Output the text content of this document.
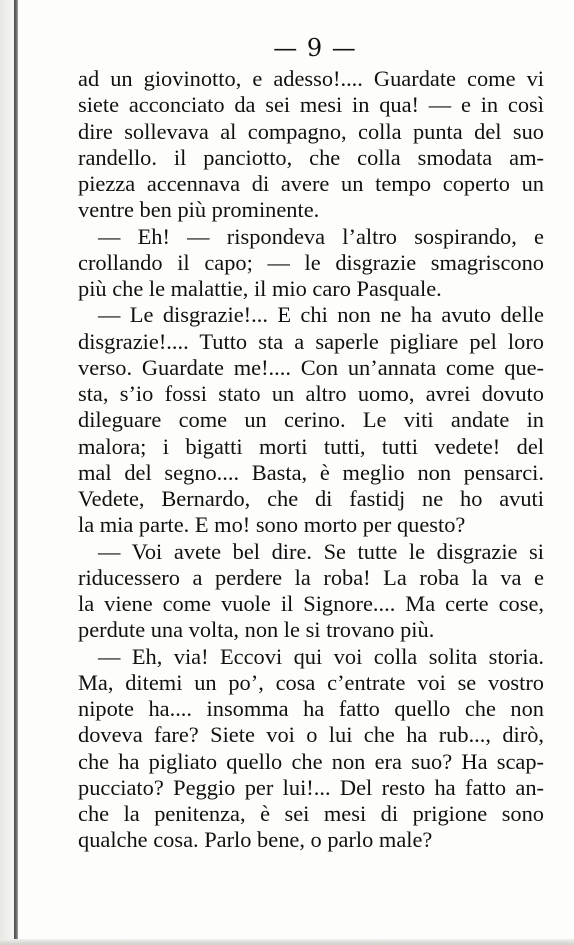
— 9 —
ad un giovinotto, e adesso!.... Guardate come vi
siete acconciato da sei mesi in qua! — e in così
dire sollevava al compagno, colla punta del suo
randello. il panciotto, che colla smodata am-
piezza accennava di avere un tempo coperto un
ventre ben più prominente.
— Eh! — rispondeva l’altro sospirando, e
crollando il capo; — le disgrazie smagriscono
più che le malattie, il mio caro Pasquale.
— Le disgrazie!... E chi non ne ha avuto delle
disgrazie!.... Tutto sta a saperle pigliare pel loro
verso. Guardate me!.... Con un’annata come que-
sta, s’io fossi stato un altro uomo, avrei dovuto
dileguare come un cerino. Le viti andate in
malora; i bigatti morti tutti, tutti vedete! del
mal del segno.... Basta, è meglio non pensarci.
Vedete, Bernardo, che di fastidj ne ho avuti
la mia parte. E mo! sono morto per questo?
— Voi avete bel dire. Se tutte le disgrazie si
riducessero a perdere la roba! La roba la va e
la viene come vuole il Signore.... Ma certe cose,
perdute una volta, non le si trovano più.
— Eh, via! Eccovi qui voi colla solita storia.
Ma, ditemi un po’, cosa c’entrate voi se vostro
nipote ha.... insomma ha fatto quello che non
doveva fare? Siete voi o lui che ha rub..., dirò,
che ha pigliato quello che non era suo? Ha scap-
pucciato? Peggio per lui!... Del resto ha fatto an-
che la penitenza, è sei mesi di prigione sono
qualche cosa. Parlo bene, o parlo male?
